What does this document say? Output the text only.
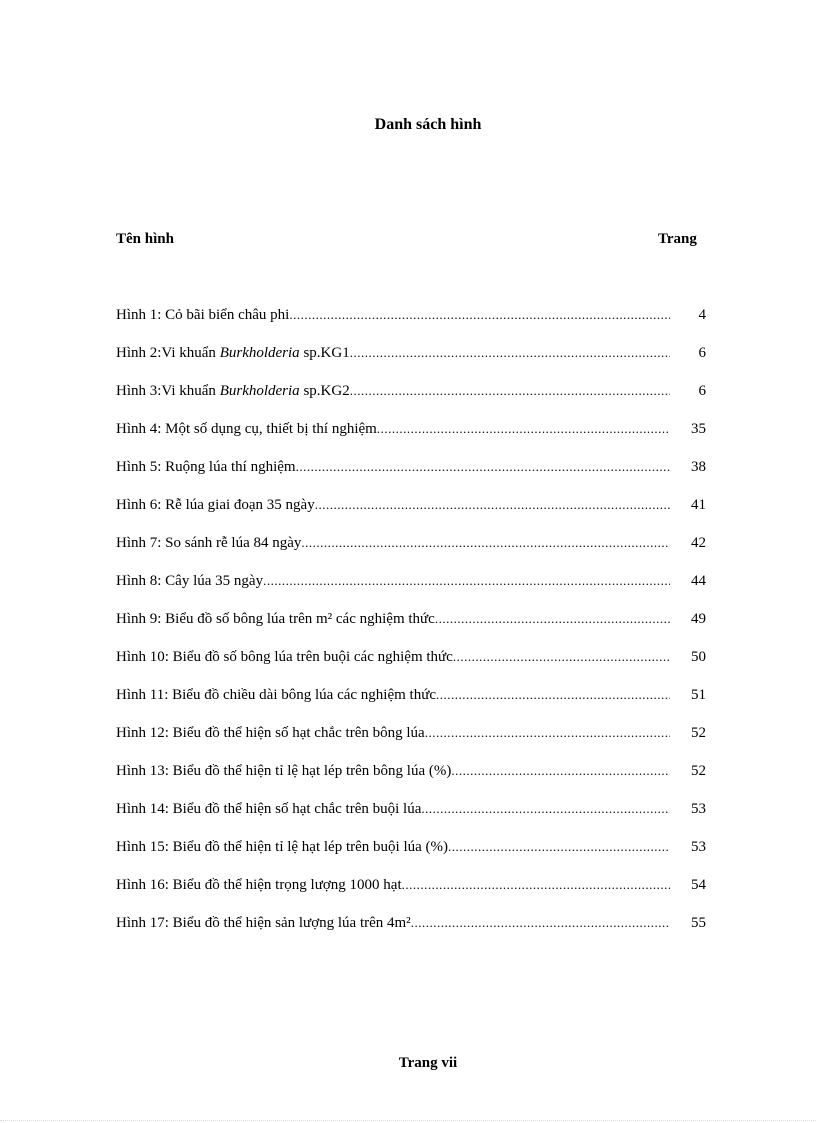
Danh sách hình
Tên hình	Trang
Hình 1: Cỏ bãi biển châu phi .....	4
Hình 2:Vi khuẩn Burkholderia sp.KG1 .....	6
Hình 3:Vi khuẩn Burkholderia sp.KG2 .....	6
Hình 4: Một số dụng cụ, thiết bị thí nghiệm .....	35
Hình 5: Ruộng lúa thí nghiệm .....	38
Hình 6: Rễ lúa giai đoạn 35 ngày .....	41
Hình 7: So sánh rễ lúa 84 ngày .....	42
Hình 8: Cây lúa 35 ngày .....	44
Hình 9: Biểu đồ số bông lúa trên m² các nghiệm thức .....	49
Hình 10: Biểu đồ số bông lúa trên buội các nghiệm thức .....	50
Hình 11: Biểu đồ chiều dài bông lúa các nghiệm thức .....	51
Hình 12: Biểu đồ thể hiện số hạt chắc trên bông lúa .....	52
Hình 13: Biểu đồ thể hiện tỉ lệ hạt lép trên bông lúa (%) .....	52
Hình 14: Biểu đồ thể hiện số hạt chắc trên buội lúa .....	53
Hình 15: Biểu đồ thể hiện tỉ lệ hạt lép trên buội lúa (%) .....	53
Hình 16: Biểu đồ thể hiện trọng lượng 1000 hạt .....	54
Hình 17: Biểu đồ thể hiện sản lượng lúa trên 4m² .....	55
Trang vii
